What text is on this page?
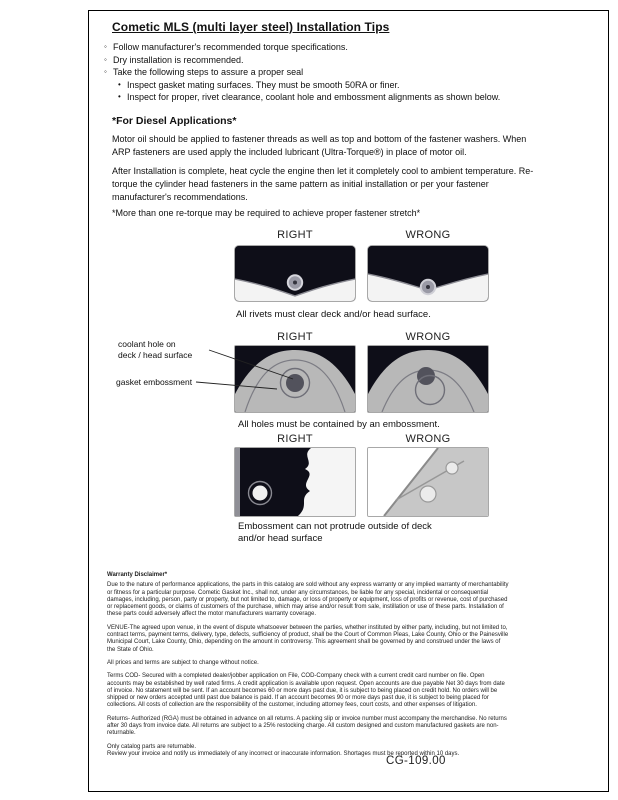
Cometic MLS (multi layer steel) Installation Tips
◦
Follow manufacturer's recommended torque specifications.
◦
Dry installation is recommended.
◦
Take the following steps to assure a proper seal
•
Inspect gasket mating surfaces. They must be smooth 50RA or finer.
•
Inspect for proper, rivet clearance, coolant hole and embossment alignments as shown below.
*For Diesel Applications*
Motor oil should be applied to fastener threads as well as top and bottom of the fastener washers. When ARP fasteners are used apply the included lubricant (Ultra-Torque®) in place of motor oil.
After Installation is complete, heat cycle the engine then let it completely cool to ambient temperature. Re-torque the cylinder head fasteners in the same pattern as initial installation or per your fastener manufacturer's recommendations.
*More than one re-torque may be required to achieve proper fastener stretch*
RIGHT	WRONG
All rivets must clear deck and/or head surface.
RIGHT	WRONG
All holes must be contained by an embossment.
coolant hole on
deck / head surface
gasket embossment
RIGHT	WRONG
Embossment can not protrude outside of deck
and/or head surface
Warranty Disclaimer*

Due to the nature of performance applications, the parts in this catalog are sold without any express warranty or any implied warranty of merchantability or fitness for a particular purpose. Cometic Gasket Inc., shall not, under any circumstances, be liable for any special, incidental or consequential damages, including, person, party or property, but not limited to, damage, or loss of property or equipment, loss of profits or revenue, cost of purchased or replacement goods, or claims of customers of the purchase, which may arise and/or result from sale, instillation or use of these parts. Installation of these parts could adversely affect the motor manufacturers warranty coverage.

VENUE-The agreed upon venue, in the event of dispute whatsoever between the parties, whether instituted by either party, including, but not limited to, contract terms, payment terms, delivery, type, defects, sufficiency of product, shall be the Court of Common Pleas, Lake County, Ohio or the Painesville Municipal Court, Lake County, Ohio, depending on the amount in controversy. This agreement shall be governed by and construed under the laws of the State of Ohio.

All prices and terms are subject to change without notice.

Terms COD- Secured with a completed dealer/jobber application on File, COD-Company check with a current credit card number on file. Open accounts may be established by well rated firms. A credit application is available upon request. Open accounts are due payable Net 30 days from date of invoice. No statement will be sent. If an account becomes 60 or more days past due, it is subject to being placed on credit hold. No orders will be shipped or new orders accepted until past due balance is paid. If an account becomes 90 or more days past due, it is subject to being placed for collections. All costs of collection are the responsibility of the customer, including attorney fees, court costs, and other expenses of litigation.

Returns- Authorized (RGA) must be obtained in advance on all returns. A packing slip or invoice number must accompany the merchandise. No returns after 30 days from invoice date. All returns are subject to a 25% restocking charge. All custom designed and custom manufactured gaskets are non-returnable.

Only catalog parts are returnable.

Review your invoice and notify us immediately of any incorrect or inaccurate information. Shortages must be reported within 10 days.

CG-109.00
